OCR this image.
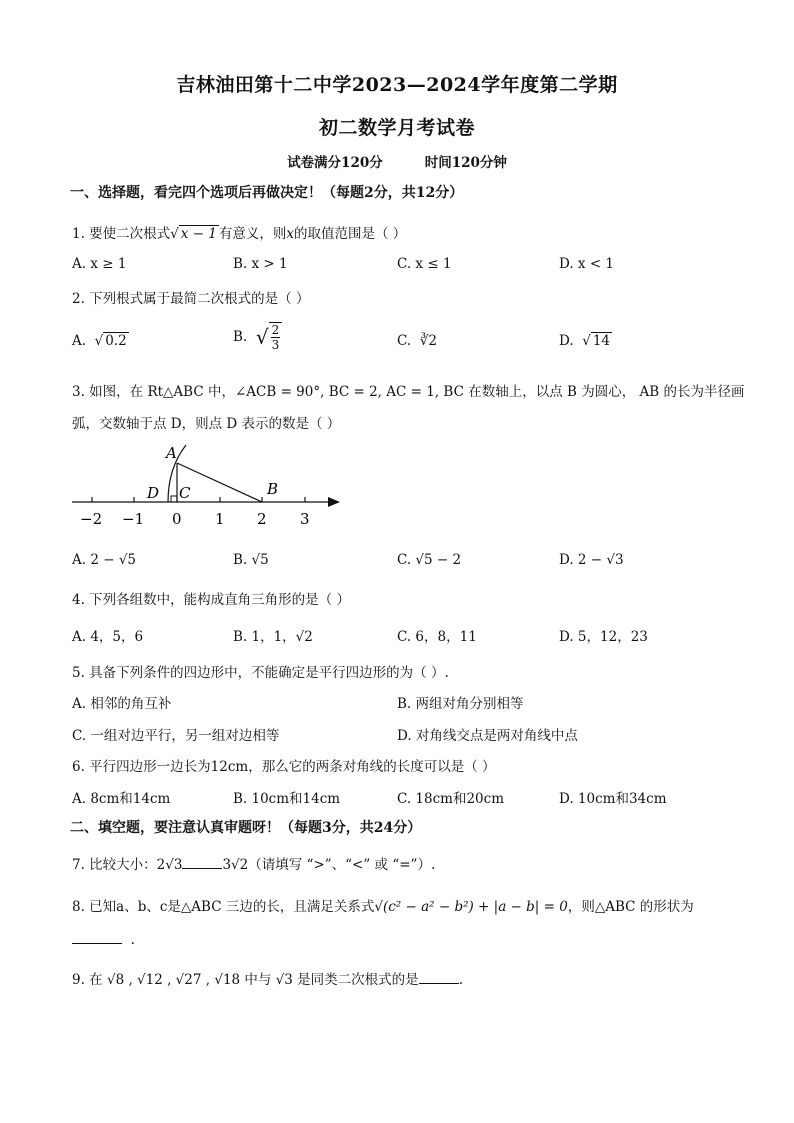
吉林油田第十二中学2023—2024学年度第二学期
初二数学月考试卷
试卷满分120分	时间120分钟
一、选择题，看完四个选项后再做决定！（每题2分，共12分）
1. 要使二次根式√ x − 1 有意义，则x的取值范围是（ ）
A. x ≥ 1	B. x > 1	C. x ≤ 1	D. x < 1
2. 下列根式属于最简二次根式的是（ ）
A. √ 0.2	B. √ $\frac{2}{3}$	C. ∛2	D. √ 14
3. 如图，在 Rt△ABC 中，∠ACB = 90°, BC = 2, AC = 1, BC 在数轴上，以点 B 为圆心， AB 的长为半径画
弧，交数轴于点 D，则点 D 表示的数是（ ）
A
D C	B
−2 −1 0 1 2 3
A. 2 − √5	B. √5	C. √5 − 2	D. 2 − √3
4. 下列各组数中，能构成直角三角形的是（ ）
A. 4，5，6	B. 1，1，√2	C. 6，8，11	D. 5，12，23
5. 具备下列条件的四边形中，不能确定是平行四边形的为（ ）.
A. 相邻的角互补	B. 两组对角分别相等
C. 一组对边平行，另一组对边相等	D. 对角线交点是两对角线中点
6. 平行四边形一边长为12cm，那么它的两条对角线的长度可以是（ ）
A. 8cm和14cm	B. 10cm和14cm	C. 18cm和20cm	D. 10cm和34cm
二、填空题，要注意认真审题呀！（每题3分，共24分）
7. 比较大小：2√3	3√2（请填写 “>”、“<” 或 “=”）.
8. 已知a、b、c是△ABC 三边的长，且满足关系式√(c² − a² − b²) + |a − b| = 0，则△ABC 的形状为
.
9. 在 √8 , √12 , √27 , √18 中与 √3 是同类二次根式的是	.
